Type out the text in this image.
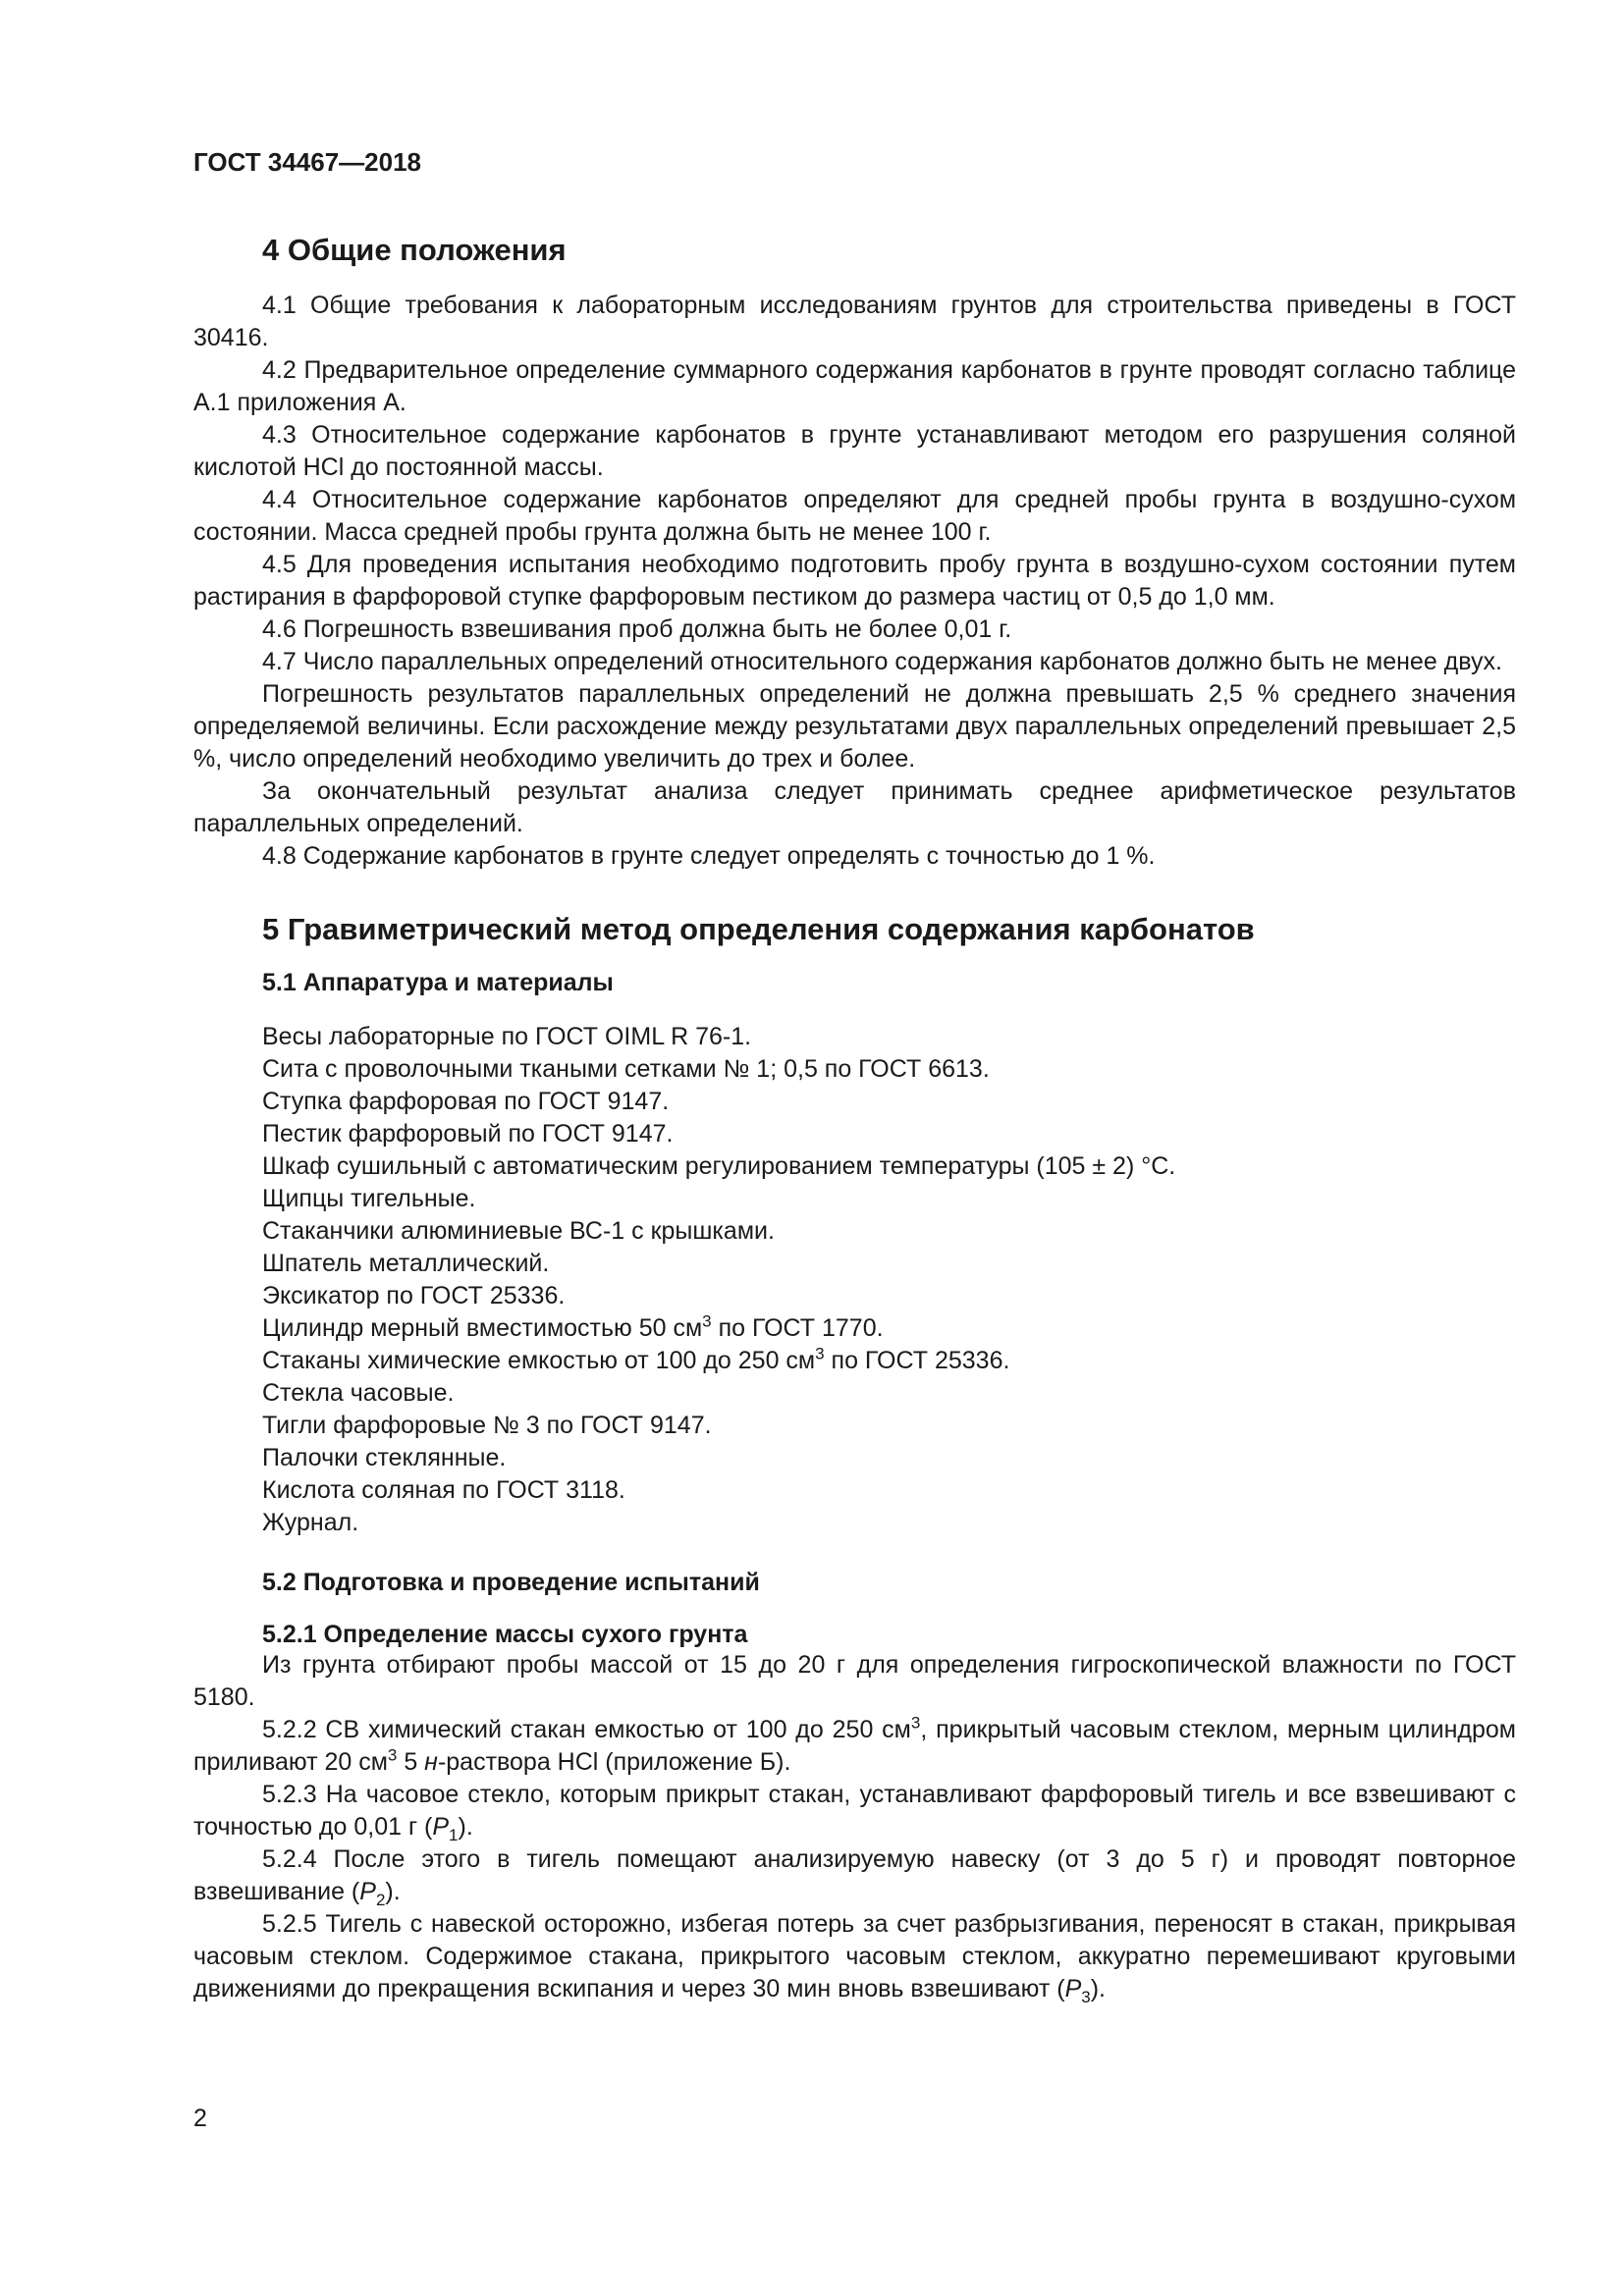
ГОСТ 34467—2018
4 Общие положения

4.1 Общие требования к лабораторным исследованиям грунтов для строительства приведены в ГОСТ 30416.

4.2 Предварительное определение суммарного содержания карбонатов в грунте проводят согласно таблице А.1 приложения А.

4.3 Относительное содержание карбонатов в грунте устанавливают методом его разрушения соляной кислотой HCl до постоянной массы.

4.4 Относительное содержание карбонатов определяют для средней пробы грунта в воздушно-сухом состоянии. Масса средней пробы грунта должна быть не менее 100 г.

4.5 Для проведения испытания необходимо подготовить пробу грунта в воздушно-сухом состоянии путем растирания в фарфоровой ступке фарфоровым пестиком до размера частиц от 0,5 до 1,0 мм.

4.6 Погрешность взвешивания проб должна быть не более 0,01 г.

4.7 Число параллельных определений относительного содержания карбонатов должно быть не менее двух.

Погрешность результатов параллельных определений не должна превышать 2,5 % среднего значения определяемой величины. Если расхождение между результатами двух параллельных определений превышает 2,5 %, число определений необходимо увеличить до трех и более.

За окончательный результат анализа следует принимать среднее арифметическое результатов параллельных определений.

4.8 Содержание карбонатов в грунте следует определять с точностью до 1 %.

5 Гравиметрический метод определения содержания карбонатов
5.1 Аппаратура и материалы
Весы лабораторные по ГОСТ OIML R 76-1.
Сита с проволочными ткаными сетками № 1; 0,5 по ГОСТ 6613.
Ступка фарфоровая по ГОСТ 9147.
Пестик фарфоровый по ГОСТ 9147.
Шкаф сушильный с автоматическим регулированием температуры (105 ± 2) °С.
Щипцы тигельные.
Стаканчики алюминиевые ВС-1 с крышками.
Шпатель металлический.
Эксикатор по ГОСТ 25336.
Цилиндр мерный вместимостью 50 $см^3$ по ГОСТ 1770.
Стаканы химические емкостью от 100 до 250 $см^3$ по ГОСТ 25336.
Стекла часовые.
Тигли фарфоровые № 3 по ГОСТ 9147.
Палочки стеклянные.
Кислота соляная по ГОСТ 3118.
Журнал.
5.2 Подготовка и проведение испытаний
5.2.1 Определение массы сухого грунта

Из грунта отбирают пробы массой от 15 до 20 г для определения гигроскопической влажности по ГОСТ 5180.

5.2.2 CВ химический стакан емкостью от 100 до 250 $см^3$, прикрытый часовым стеклом, мерным цилиндром приливают 20 $см^3$ 5 н-раствора HCl (приложение Б).

5.2.3 На часовое стекло, которым прикрыт стакан, устанавливают фарфоровый тигель и все взвешивают с точностью до 0,01 г $(P_1)$.

5.2.4 После этого в тигель помещают анализируемую навеску (от 3 до 5 г) и проводят повторное взвешивание $(P_2)$.

5.2.5 Тигель с навеской осторожно, избегая потерь за счет разбрызгивания, переносят в стакан, прикрывая часовым стеклом. Содержимое стакана, прикрытого часовым стеклом, аккуратно перемешивают круговыми движениями до прекращения вскипания и через 30 мин вновь взвешивают $(P_3)$.

2
